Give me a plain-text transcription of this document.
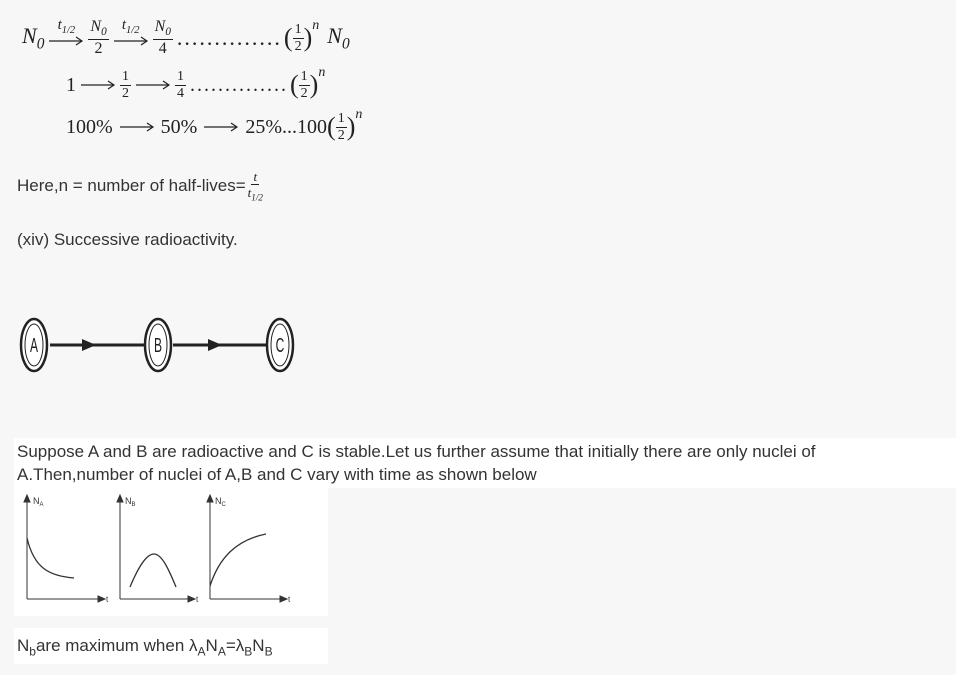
$N_0$
$t_{1/2} \frac{N_0}{2} t_{1/2} \frac{N_0}{4}$ .............. ( $\frac{1}{2}$ ) n $N_0$
1	$\frac{1}{2}$	$\frac{1}{4}$ .............. ( $\frac{1}{2}$ ) n
100% 50% 25%...100 ( $\frac{1}{2}$ ) n
Here,n = number of half-lives= $\frac{t}{t_{1/2}}$
(xiv) Successive radioactivity.
A	B	C
Suppose A and B are radioactive and C is stable.Let us further assume that initially there are only nuclei of
A.Then,number of nuclei of A,B and C vary with time as shown below
$N_A$
t
$N_B$
t
$N_C$
t
$N_bare$ maximum when $\lambda_AN_A=\lambda_BN_B$
